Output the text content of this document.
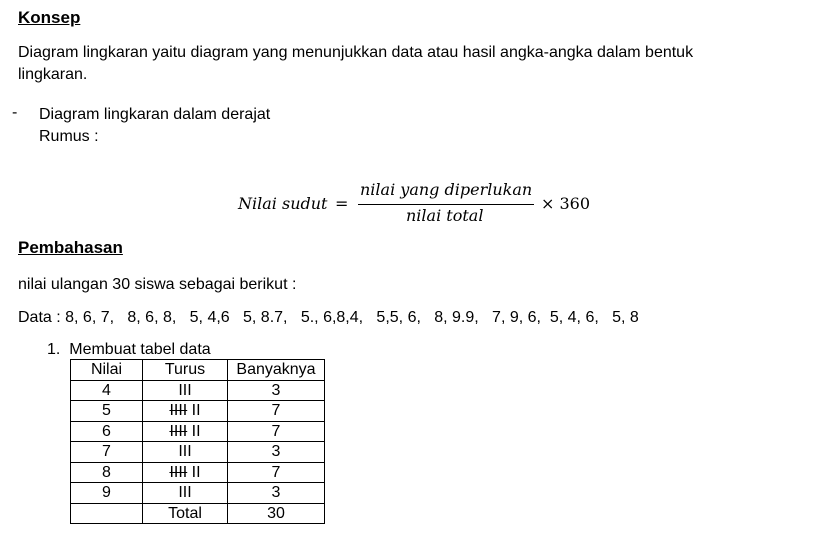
Konsep
Diagram lingkaran yaitu diagram yang menunjukkan data atau hasil angka-angka dalam bentuk
lingkaran.
- Diagram lingkaran dalam derajat
Rumus :
Nilai sudut =
nilai yang diperlukan
nilai total
× 360
Pembahasan
nilai ulangan 30 siswa sebagai berikut :
Data : 8, 6, 7,   8, 6, 8,   5, 4,6   5, 8.7,   5., 6,8,4,   5,5, 6,   8, 9.9,   7, 9, 6,  5, 4, 6,   5, 8
1.  Membuat tabel data
Nilai	Turus	Banyaknya
4	III	3
5	IIII II	7
6	IIII II	7
7	III	3
8	IIII II	7
9	III	3
	Total	30
